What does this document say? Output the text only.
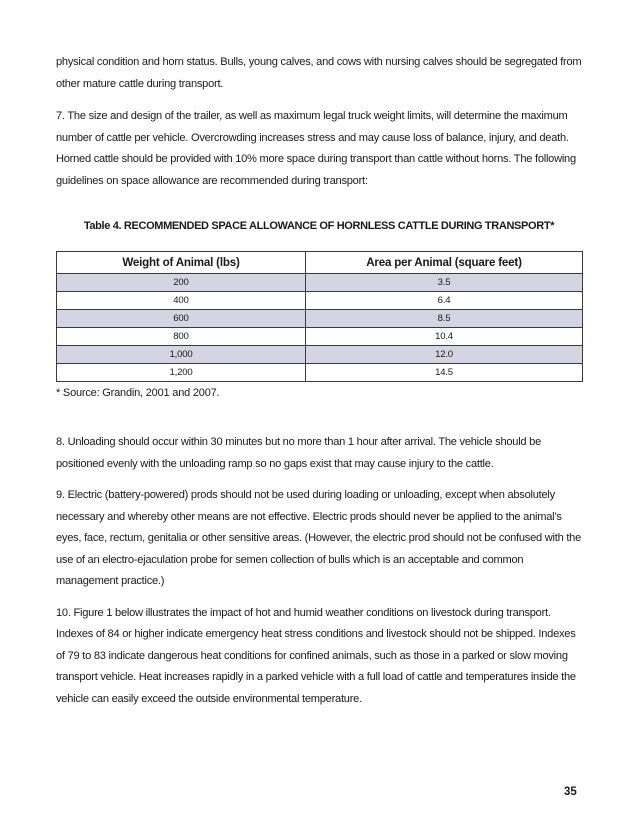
physical condition and horn status. Bulls, young calves, and cows with nursing calves should be segregated from other mature cattle during transport.

7. The size and design of the trailer, as well as maximum legal truck weight limits, will determine the maximum number of cattle per vehicle. Overcrowding increases stress and may cause loss of balance, injury, and death. Horned cattle should be provided with 10% more space during transport than cattle without horns. The following guidelines on space allowance are recommended during transport:

Table 4. RECOMMENDED SPACE ALLOWANCE OF HORNLESS CATTLE DURING TRANSPORT*
Weight of Animal (lbs)	Area per Animal (square feet)
200	3.5
400	6.4
600	8.5
800	10.4
1,000	12.0
1,200	14.5
* Source: Grandin, 2001 and 2007.

8. Unloading should occur within 30 minutes but no more than 1 hour after arrival. The vehicle should be positioned evenly with the unloading ramp so no gaps exist that may cause injury to the cattle.

9. Electric (battery-powered) prods should not be used during loading or unloading, except when absolutely necessary and whereby other means are not effective. Electric prods should never be applied to the animal’s eyes, face, rectum, genitalia or other sensitive areas. (However, the electric prod should not be confused with the use of an electro-ejaculation probe for semen collection of bulls which is an acceptable and common management practice.)

10. Figure 1 below illustrates the impact of hot and humid weather conditions on livestock during transport. Indexes of 84 or higher indicate emergency heat stress conditions and livestock should not be shipped. Indexes of 79 to 83 indicate dangerous heat conditions for confined animals, such as those in a parked or slow moving transport vehicle. Heat increases rapidly in a parked vehicle with a full load of cattle and temperatures inside the vehicle can easily exceed the outside environmental temperature.

35
